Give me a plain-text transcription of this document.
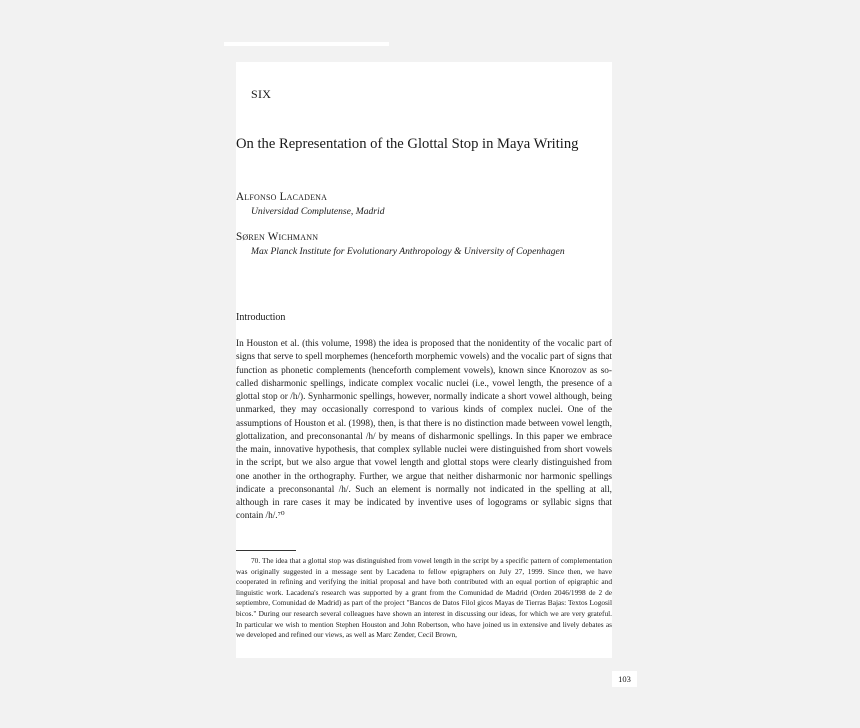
SIX
On the Representation of the Glottal Stop in Maya Writing
Alfonso Lacadena
Universidad Complutense, Madrid
Søren Wichmann
Max Planck Institute for Evolutionary Anthropology & University of Copenhagen
Introduction
In Houston et al. (this volume, 1998) the idea is proposed that the nonidentity of the vocalic part of signs that serve to spell morphemes (henceforth morphemic vowels) and the vocalic part of signs that function as phonetic complements (henceforth complement vowels), known since Knorozov as so-called disharmonic spellings, indicate complex vocalic nuclei (i.e., vowel length, the presence of a glottal stop or /h/). Synharmonic spellings, however, normally indicate a short vowel although, being unmarked, they may occasionally correspond to various kinds of complex nuclei. One of the assumptions of Houston et al. (1998), then, is that there is no distinction made between vowel length, glottalization, and preconsonantal /h/ by means of disharmonic spellings. In this paper we embrace the main, innovative hypothesis, that complex syllable nuclei were distinguished from short vowels in the script, but we also argue that vowel length and glottal stops were clearly distinguished from one another in the orthography. Further, we argue that neither disharmonic nor harmonic spellings indicate a preconsonantal /h/. Such an element is normally not indicated in the spelling at all, although in rare cases it may be indicated by inventive uses of logograms or syllabic signs that contain /h/.⁷⁰
70. The idea that a glottal stop was distinguished from vowel length in the script by a specific pattern of complementation was originally suggested in a message sent by Lacadena to fellow epigraphers on July 27, 1999. Since then, we have cooperated in refining and verifying the initial proposal and have both contributed with an equal portion of epigraphic and linguistic work. Lacadena's research was supported by a grant from the Comunidad de Madrid (Orden 2046/1998 de 2 de septiembre, Comunidad de Madrid) as part of the project "Bancos de Datos Filol gicos Mayas de Tierras Bajas: Textos Logosil bicos." During our research several colleagues have shown an interest in discussing our ideas, for which we are very grateful. In particular we wish to mention Stephen Houston and John Robertson, who have joined us in extensive and lively debates as we developed and refined our views, as well as Marc Zender, Cecil Brown,
103
